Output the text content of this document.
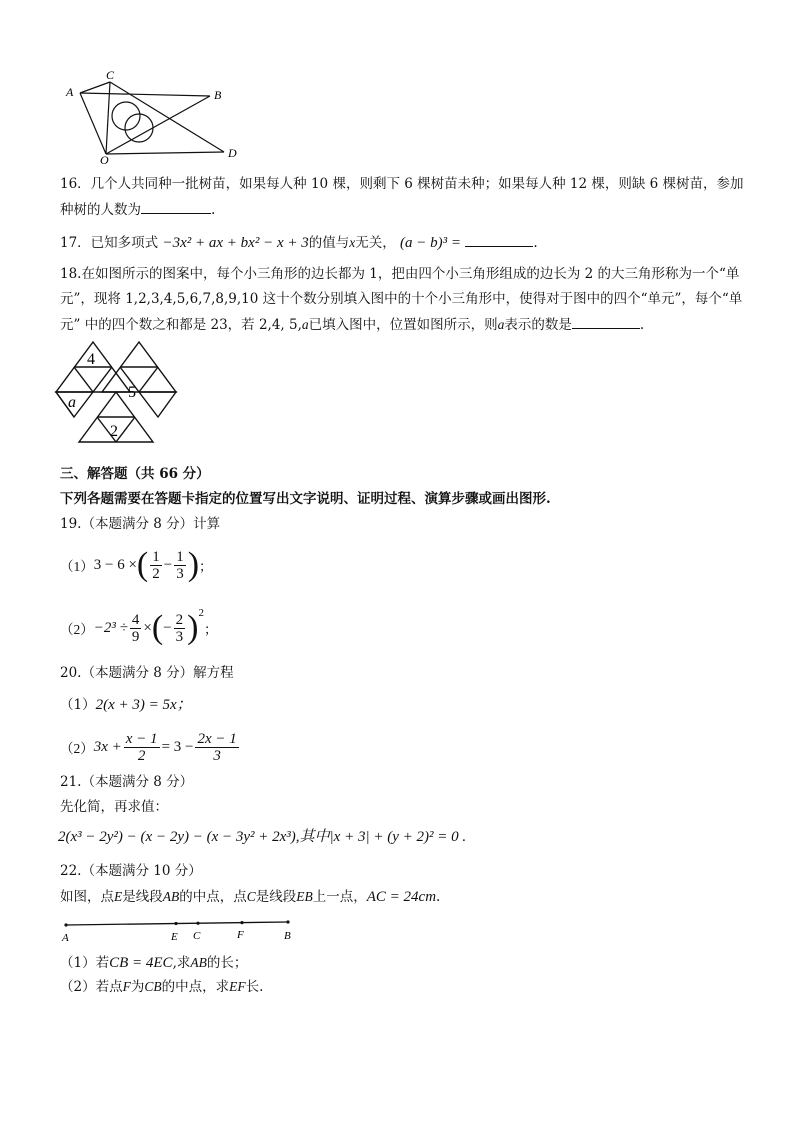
A
C
B
O	D
16．几个人共同种一批树苗，如果每人种 10 棵，则剩下 6 棵树苗未种；如果每人种 12 棵，则缺 6 棵树苗，参加
种树的人数为	.
17．已知多项式 −3x² + ax + bx² − x + 3的值与x无关， (a − b)³ =	.
18.在如图所示的图案中，每个小三角形的边长都为 1，把由四个小三角形组成的边长为 2 的大三角形称为一个“单
元”，现将 1,2,3,4,5,6,7,8,9,10 这十个数分别填入图中的十个小三角形中，使得对于图中的四个“单元”，每个“单
元” 中的四个数之和都是 23，若 2,4, 5,a已填入图中，位置如图所示，则a表示的数是	.
4
a
5
2
三、解答题（共 66 分）
下列各题需要在答题卡指定的位置写出文字说明、证明过程、演算步骤或画出图形.
19.（本题满分 8 分）计算
（1） 3 − 6 × ( $\frac{1}{2} - \frac{1}{3}$ ) ；
$(2) -2^3 \div \frac{4}{9}$ × ( − $\frac{2}{3}$ ) 2
；
20.（本题满分 8 分）解方程
（1）2(x + 3) = 5x；
（2） $3x + \frac{x - 1}{2} = 3 - \frac{2x - 1}{3}$
21.（本题满分 8 分）
先化简，再求值：
2(x³ − 2y²) − (x − 2y) − (x − 3y² + 2x³),其中|x + 3| + (y + 2)² = 0 .
22.（本题满分 10 分）
如图，点E是线段AB的中点，点C是线段EB上一点，AC = 24cm.
A	E C	F	B
（1）若CB = 4EC,求AB的长；
（2）若点F为CB的中点，求EF长.
